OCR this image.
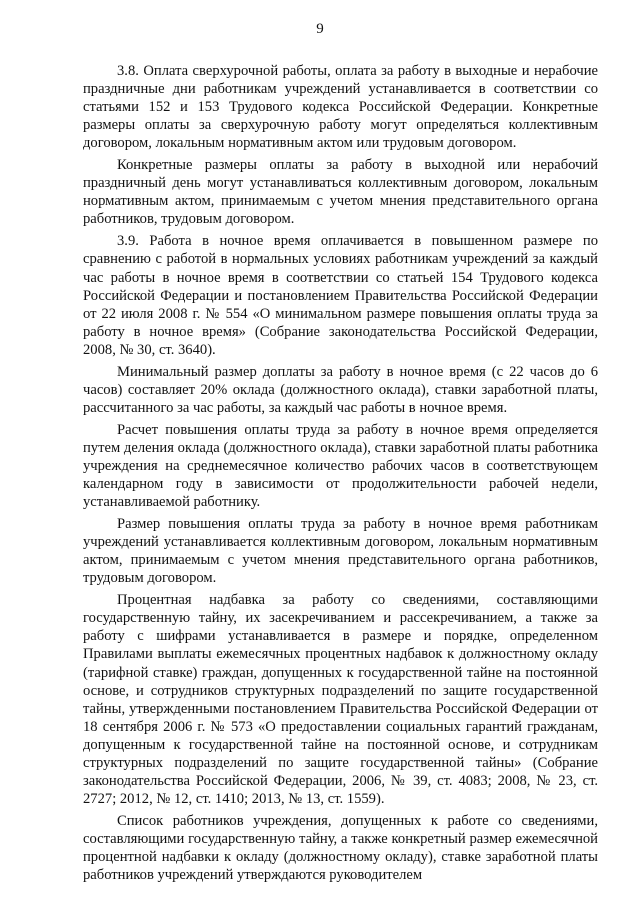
9

3.8. Оплата сверхурочной работы, оплата за работу в выходные и нерабочие праздничные дни работникам учреждений устанавливается в соответствии со статьями 152 и 153 Трудового кодекса Российской Федерации. Конкретные размеры оплаты за сверхурочную работу могут определяться коллективным договором, локальным нормативным актом или трудовым договором.

Конкретные размеры оплаты за работу в выходной или нерабочий праздничный день могут устанавливаться коллективным договором, локальным нормативным актом, принимаемым с учетом мнения представительного органа работников, трудовым договором.

3.9. Работа в ночное время оплачивается в повышенном размере по сравнению с работой в нормальных условиях работникам учреждений за каждый час работы в ночное время в соответствии со статьей 154 Трудового кодекса Российской Федерации и постановлением Правительства Российской Федерации от 22 июля 2008 г. № 554 «О минимальном размере повышения оплаты труда за работу в ночное время» (Собрание законодательства Российской Федерации, 2008, № 30, ст. 3640).

Минимальный размер доплаты за работу в ночное время (с 22 часов до 6 часов) составляет 20% оклада (должностного оклада), ставки заработной платы, рассчитанного за час работы, за каждый час работы в ночное время.

Расчет повышения оплаты труда за работу в ночное время определяется путем деления оклада (должностного оклада), ставки заработной платы работника учреждения на среднемесячное количество рабочих часов в соответствующем календарном году в зависимости от продолжительности рабочей недели, устанавливаемой работнику.

Размер повышения оплаты труда за работу в ночное время работникам учреждений устанавливается коллективным договором, локальным нормативным актом, принимаемым с учетом мнения представительного органа работников, трудовым договором.

Процентная надбавка за работу со сведениями, составляющими государственную тайну, их засекречиванием и рассекречиванием, а также за работу с шифрами устанавливается в размере и порядке, определенном Правилами выплаты ежемесячных процентных надбавок к должностному окладу (тарифной ставке) граждан, допущенных к государственной тайне на постоянной основе, и сотрудников структурных подразделений по защите государственной тайны, утвержденными постановлением Правительства Российской Федерации от 18 сентября 2006 г. № 573 «О предоставлении социальных гарантий гражданам, допущенным к государственной тайне на постоянной основе, и сотрудникам структурных подразделений по защите государственной тайны» (Собрание законодательства Российской Федерации, 2006, № 39, ст. 4083; 2008, № 23, ст. 2727; 2012, № 12, ст. 1410; 2013, № 13, ст. 1559).

Список работников учреждения, допущенных к работе со сведениями, составляющими государственную тайну, а также конкретный размер ежемесячной процентной надбавки к окладу (должностному окладу), ставке заработной платы работников учреждений утверждаются руководителем
